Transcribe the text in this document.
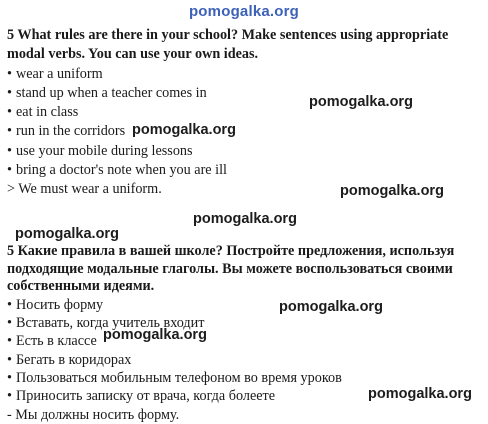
pomogalka.org

5 What rules are there in your school? Make sentences using appropriate modal verbs. You can use your own ideas.

• wear a uniform
• stand up when a teacher comes in
• eat in class
• run in the corridors
• use your mobile during lessons
• bring a doctor's note when you are ill
> We must wear a uniform.

5 Какие правила в вашей школе? Постройте предложения, используя подходящие модальные глаголы. Вы можете воспользоваться своими собственными идеями.

• Носить форму
• Вставать, когда учитель входит
• Есть в классе
• Бегать в коридорах
• Пользоваться мобильным телефоном во время уроков
• Приносить записку от врача, когда болеете
- Мы должны носить форму.
pomogalka.org
pomogalka.org
pomogalka.org
pomogalka.org
pomogalka.org
pomogalka.org
pomogalka.org
pomogalka.org
